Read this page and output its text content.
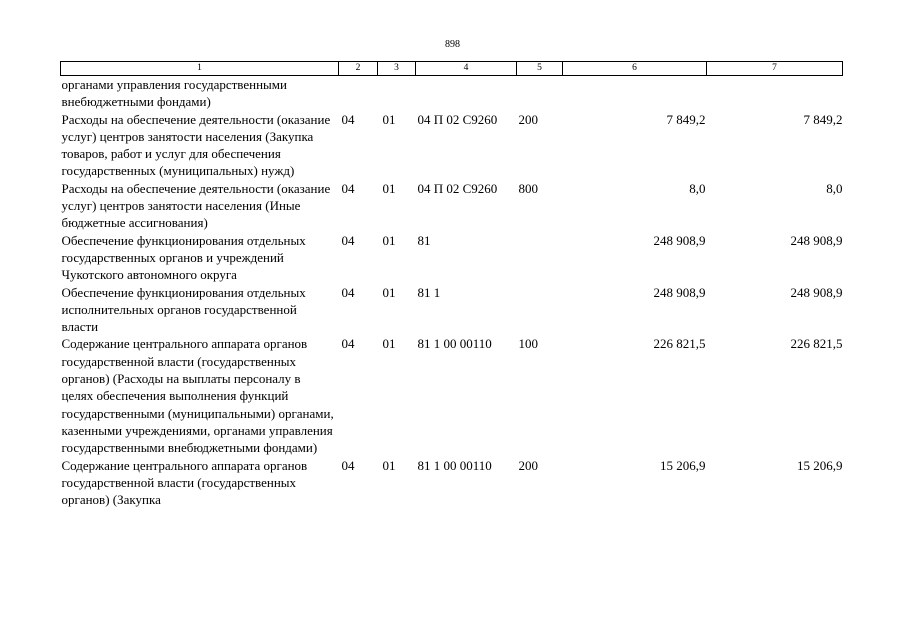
898
1	2	3	4	5	6	7
органами управления государственными внебюджетными фондами)						
Расходы на обеспечение деятельности (оказание услуг) центров занятости населения (Закупка товаров, работ и услуг для обеспечения государственных (муниципальных) нужд)	04	01	04 П 02 С9260	200	7 849,2	7 849,2
Расходы на обеспечение деятельности (оказание услуг) центров занятости населения (Иные бюджетные ассигнования)	04	01	04 П 02 С9260	800	8,0	8,0
Обеспечение функционирования отдельных государственных органов и учреждений Чукотского автономного округа	04	01	81		248 908,9	248 908,9
Обеспечение функционирования отдельных исполнительных органов государственной власти	04	01	81 1		248 908,9	248 908,9
Содержание центрального аппарата органов государственной власти (государственных органов) (Расходы на выплаты персоналу в целях обеспечения выполнения функций государственными (муниципальными) органами, казенными учреждениями, органами управления государственными внебюджетными фондами)	04	01	81 1 00 00110	100	226 821,5	226 821,5
Содержание центрального аппарата органов государственной власти (государственных органов) (Закупка	04	01	81 1 00 00110	200	15 206,9	15 206,9
